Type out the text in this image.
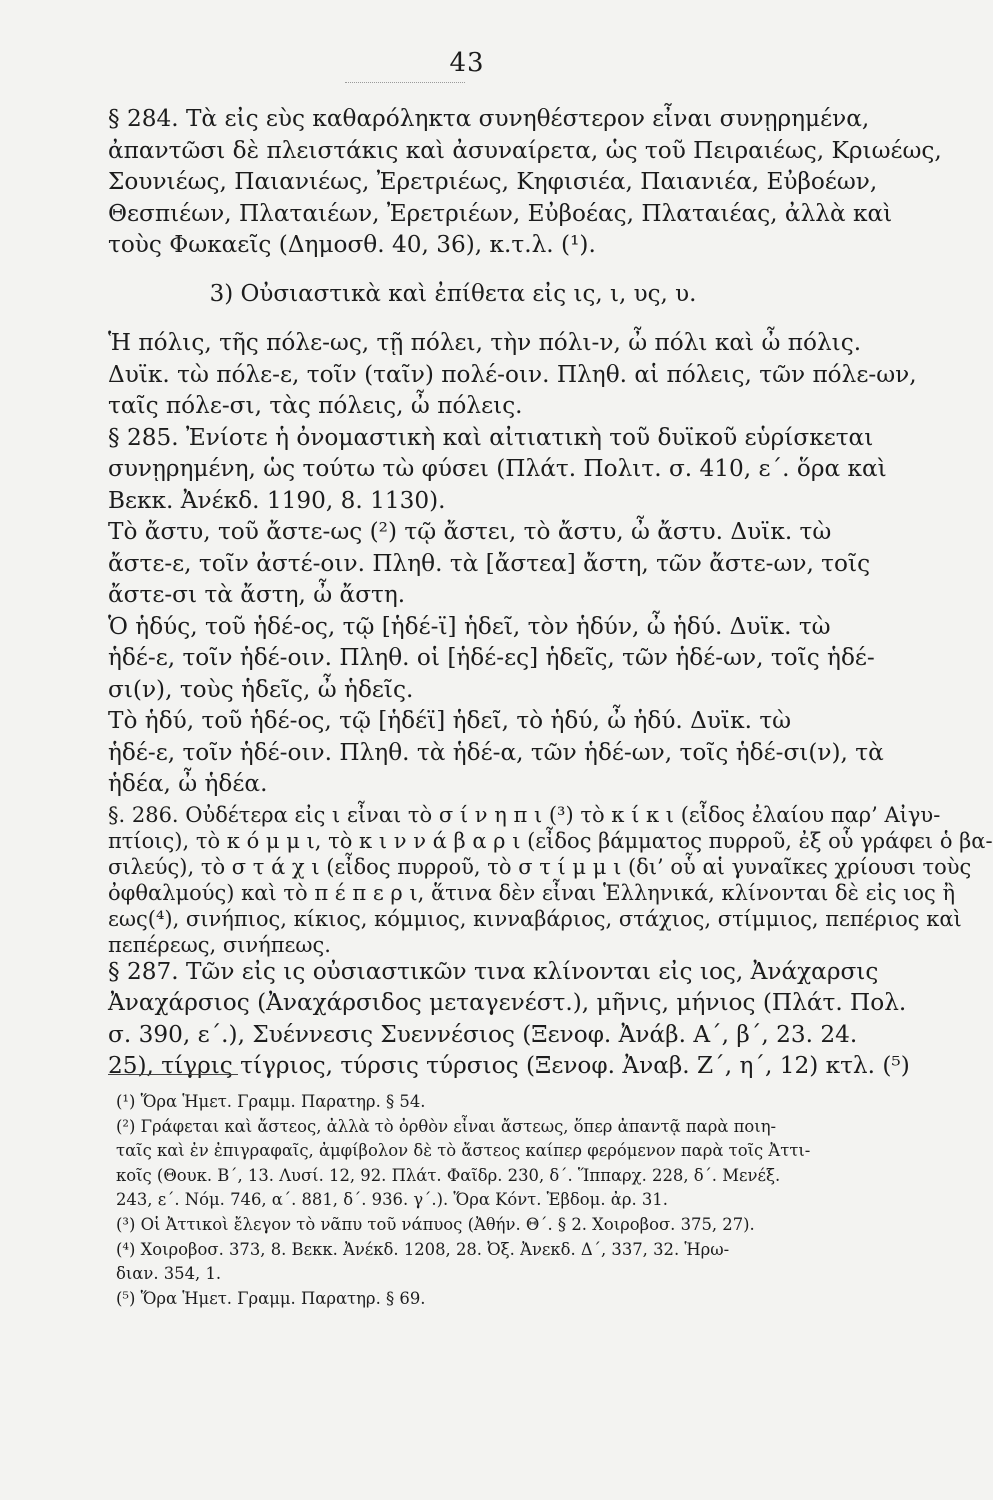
43
§ 284. Τὰ εἰς εὺς καθαρόληκτα συνηθέστερον εἶναι συνῃρημένα,
ἀπαντῶσι δὲ πλειστάκις καὶ ἀσυναίρετα, ὡς τοῦ Πειραιέως, Κριωέως,
Σουνιέως, Παιανιέως, Ἐρετριέως, Κηφισιέα, Παιανιέα, Εὐβοέων,
Θεσπιέων, Πλαταιέων, Ἐρετριέων, Εὐβοέας, Πλαταιέας, ἀλλὰ καὶ
τοὺς Φωκαεῖς (Δημοσθ. 40, 36), κ.τ.λ. (¹).
3) Οὐσιαστικὰ καὶ ἐπίθετα εἰς ις, ι, υς, υ.
Ἡ πόλις, τῆς πόλε-ως, τῇ πόλει, τὴν πόλι-ν, ὦ πόλι καὶ ὦ πόλις.
Δυϊκ. τὼ πόλε-ε, τοῖν (ταῖν) πολέ-οιν. Πληθ. αἱ πόλεις, τῶν πόλε-ων,
ταῖς πόλε-σι, τὰς πόλεις, ὦ πόλεις.
§ 285. Ἐνίοτε ἡ ὀνομαστικὴ καὶ αἰτιατικὴ τοῦ δυϊκοῦ εὑρίσκεται
συνῃρημένη, ὡς τούτω τὼ φύσει (Πλάτ. Πολιτ. σ. 410, ε΄. ὅρα καὶ
Βεκκ. Ἀνέκδ. 1190, 8. 1130).
Τὸ ἄστυ, τοῦ ἄστε-ως (²) τῷ ἄστει, τὸ ἄστυ, ὦ ἄστυ. Δυϊκ. τὼ
ἄστε-ε, τοῖν ἀστέ-οιν. Πληθ. τὰ [ἄστεα] ἄστη, τῶν ἄστε-ων, τοῖς
ἄστε-σι τὰ ἄστη, ὦ ἄστη.
Ὁ ἡδύς, τοῦ ἡδέ-ος, τῷ [ἡδέ-ϊ] ἡδεῖ, τὸν ἡδύν, ὦ ἡδύ. Δυϊκ. τὼ
ἡδέ-ε, τοῖν ἡδέ-οιν. Πληθ. οἱ [ἡδέ-ες] ἡδεῖς, τῶν ἡδέ-ων, τοῖς ἡδέ-
σι(ν), τοὺς ἡδεῖς, ὦ ἡδεῖς.
Τὸ ἡδύ, τοῦ ἡδέ-ος, τῷ [ἡδέϊ] ἡδεῖ, τὸ ἡδύ, ὦ ἡδύ. Δυϊκ. τὼ
ἡδέ-ε, τοῖν ἡδέ-οιν. Πληθ. τὰ ἡδέ-α, τῶν ἡδέ-ων, τοῖς ἡδέ-σι(ν), τὰ
ἡδέα, ὦ ἡδέα.
§. 286. Οὐδέτερα εἰς ι εἶναι τὸ σ ί ν η π ι (³) τὸ κ ί κ ι (εἶδος ἐλαίου παρ’ Αἰγυ-
πτίοις), τὸ κ ό μ μ ι, τὸ κ ι ν ν ά β α ρ ι (εἶδος βάμματος πυρροῦ, ἐξ οὗ γράφει ὁ βα-
σιλεύς), τὸ σ τ ά χ ι (εἶδος πυρροῦ, τὸ σ τ ί μ μ ι (δι’ οὗ αἱ γυναῖκες χρίουσι τοὺς
ὀφθαλμούς) καὶ τὸ π έ π ε ρ ι, ἅτινα δὲν εἶναι Ἑλληνικά, κλίνονται δὲ εἰς ιος ἢ
εως(⁴), σινήπιος, κίκιος, κόμμιος, κινναβάριος, στάχιος, στίμμιος, πεπέριος καὶ
πεπέρεως, σινήπεως.
§ 287. Τῶν εἰς ις οὐσιαστικῶν τινα κλίνονται εἰς ιος, Ἀνάχαρσις
Ἀναχάρσιος (Ἀναχάρσιδος μεταγενέστ.), μῆνις, μήνιος (Πλάτ. Πολ.
σ. 390, ε΄.), Συέννεσις Συεννέσιος (Ξενοφ. Ἀνάβ. Α΄, β΄, 23. 24.
25), τίγρις τίγριος, τύρσις τύρσιος (Ξενοφ. Ἀναβ. Ζ΄, η΄, 12) κτλ. (⁵)
(¹) Ὅρα Ἡμετ. Γραμμ. Παρατηρ. § 54.
(²) Γράφεται καὶ ἄστεος, ἀλλὰ τὸ ὀρθὸν εἶναι ἄστεως, ὅπερ ἀπαντᾷ παρὰ ποιη-
ταῖς καὶ ἐν ἐπιγραφαῖς, ἀμφίβολον δὲ τὸ ἄστεος καίπερ φερόμενον παρὰ τοῖς Ἀττι-
κοῖς (Θουκ. Β΄, 13. Λυσί. 12, 92. Πλάτ. Φαῖδρ. 230, δ΄. Ἵππαρχ. 228, δ΄. Μενέξ.
243, ε΄. Νόμ. 746, α΄. 881, δ΄. 936. γ΄.). Ὅρα Κόντ. Ἑβδομ. ἀρ. 31.
(³) Οἱ Ἀττικοὶ ἔλεγον τὸ νᾶπυ τοῦ νάπυος (Ἀθήν. Θ΄. § 2. Χοιροβοσ. 375, 27).
(⁴) Χοιροβοσ. 373, 8. Βεκκ. Ἀνέκδ. 1208, 28. Ὀξ. Ἀνεκδ. Δ΄, 337, 32. Ἡρω-
διαν. 354, 1.
(⁵) Ὅρα Ἡμετ. Γραμμ. Παρατηρ. § 69.
